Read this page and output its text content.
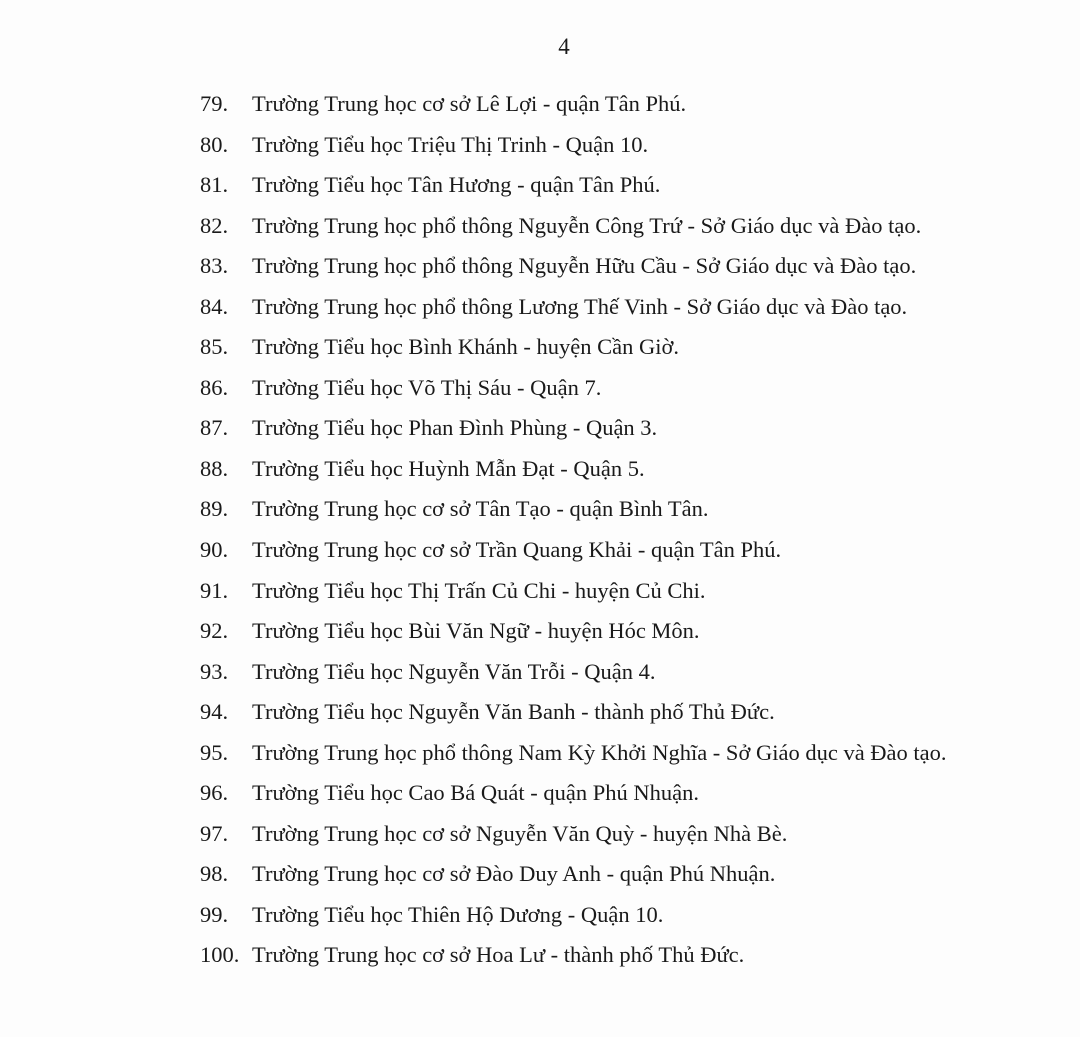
4
79.	Trường Trung học cơ sở Lê Lợi - quận Tân Phú.
80.	Trường Tiểu học Triệu Thị Trinh - Quận 10.
81.	Trường Tiểu học Tân Hương - quận Tân Phú.
82.	Trường Trung học phổ thông Nguyễn Công Trứ - Sở Giáo dục và Đào tạo.
83.	Trường Trung học phổ thông Nguyễn Hữu Cầu - Sở Giáo dục và Đào tạo.
84.	Trường Trung học phổ thông Lương Thế Vinh - Sở Giáo dục và Đào tạo.
85.	Trường Tiểu học Bình Khánh - huyện Cần Giờ.
86.	Trường Tiểu học Võ Thị Sáu - Quận 7.
87.	Trường Tiểu học Phan Đình Phùng - Quận 3.
88.	Trường Tiểu học Huỳnh Mẫn Đạt - Quận 5.
89.	Trường Trung học cơ sở Tân Tạo - quận Bình Tân.
90.	Trường Trung học cơ sở Trần Quang Khải - quận Tân Phú.
91.	Trường Tiểu học Thị Trấn Củ Chi - huyện Củ Chi.
92.	Trường Tiểu học Bùi Văn Ngữ - huyện Hóc Môn.
93.	Trường Tiểu học Nguyễn Văn Trỗi - Quận 4.
94.	Trường Tiểu học Nguyễn Văn Banh - thành phố Thủ Đức.
95.	Trường Trung học phổ thông Nam Kỳ Khởi Nghĩa - Sở Giáo dục và Đào tạo.
96.	Trường Tiểu học Cao Bá Quát - quận Phú Nhuận.
97.	Trường Trung học cơ sở Nguyễn Văn Quỳ - huyện Nhà Bè.
98.	Trường Trung học cơ sở Đào Duy Anh - quận Phú Nhuận.
99.	Trường Tiểu học Thiên Hộ Dương - Quận 10.
100. Trường Trung học cơ sở Hoa Lư - thành phố Thủ Đức.
